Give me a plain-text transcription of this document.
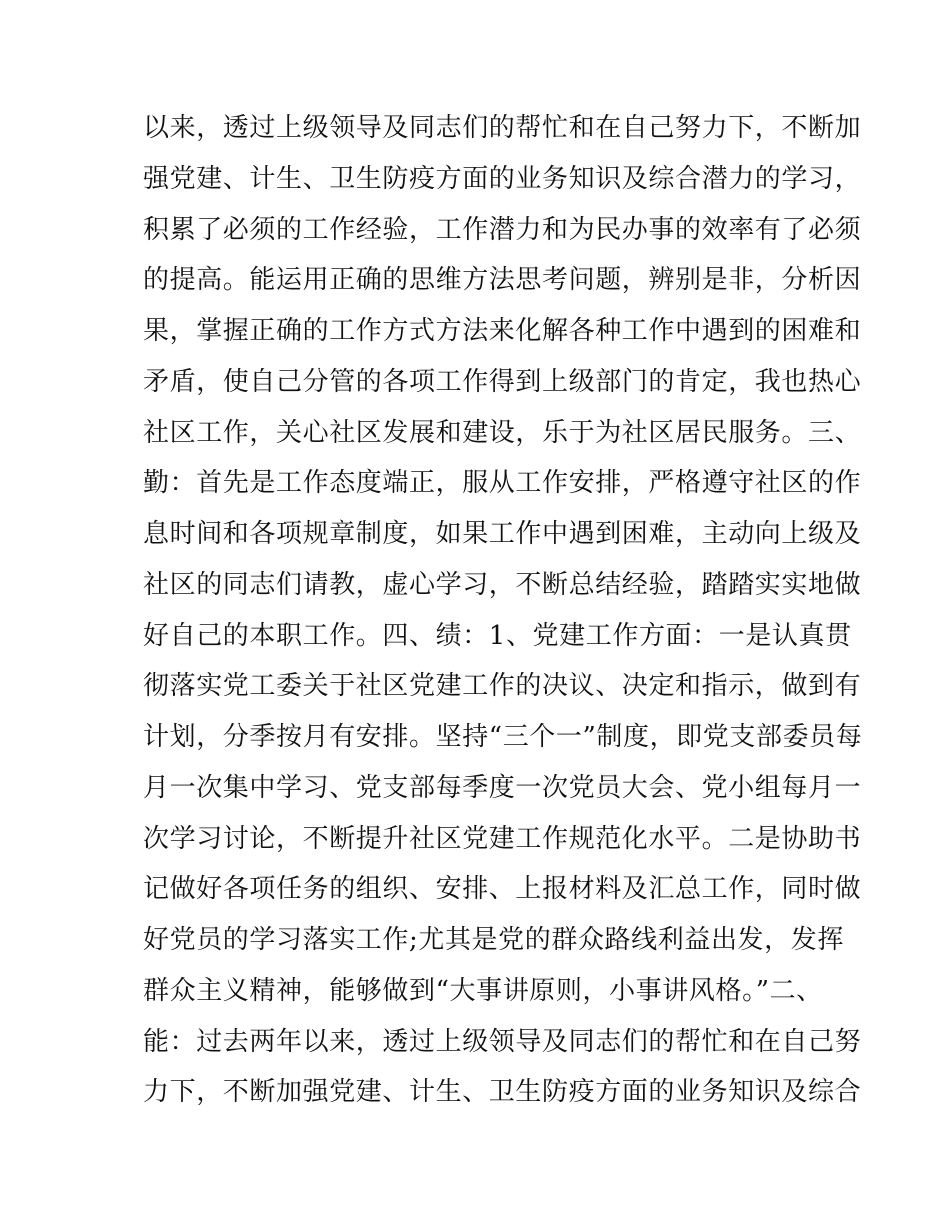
以来，透过上级领导及同志们的帮忙和在自己努力下，不断加
强党建、计生、卫生防疫方面的业务知识及综合潜力的学习，
积累了必须的工作经验，工作潜力和为民办事的效率有了必须
的提高。能运用正确的思维方法思考问题，辨别是非，分析因
果，掌握正确的工作方式方法来化解各种工作中遇到的困难和
矛盾，使自己分管的各项工作得到上级部门的肯定，我也热心
社区工作，关心社区发展和建设，乐于为社区居民服务。三、
勤：首先是工作态度端正，服从工作安排，严格遵守社区的作
息时间和各项规章制度，如果工作中遇到困难，主动向上级及
社区的同志们请教，虚心学习，不断总结经验，踏踏实实地做
好自己的本职工作。四、绩：1、党建工作方面：一是认真贯
彻落实党工委关于社区党建工作的决议、决定和指示，做到有
计划，分季按月有安排。坚持“三个一”制度，即党支部委员每
月一次集中学习、党支部每季度一次党员大会、党小组每月一
次学习讨论，不断提升社区党建工作规范化水平。二是协助书
记做好各项任务的组织、安排、上报材料及汇总工作，同时做
好党员的学习落实工作;尤其是党的群众路线利益出发，发挥
群众主义精神，能够做到“大事讲原则，小事讲风格。”二、
能：过去两年以来，透过上级领导及同志们的帮忙和在自己努
力下，不断加强党建、计生、卫生防疫方面的业务知识及综合
